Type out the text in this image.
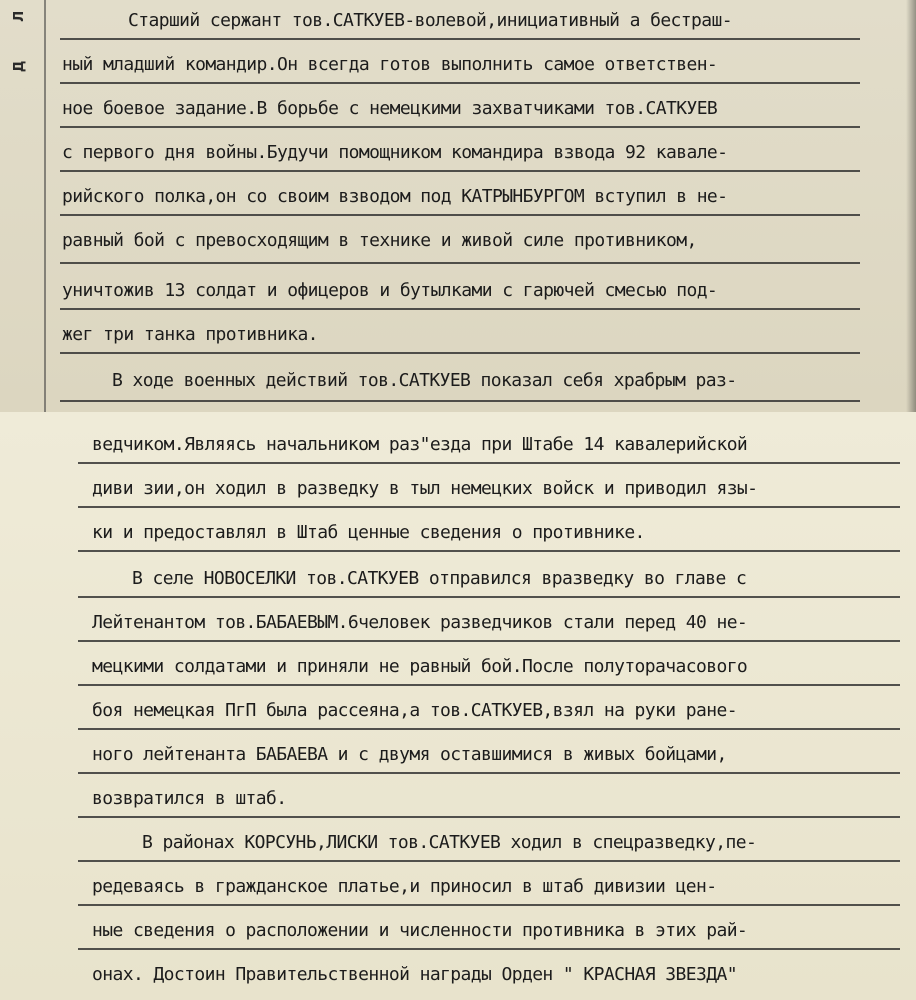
л
д
Старший сержант тов.САТКУЕВ-волевой,инициативный а бестраш-
ный младший командир.Он всегда готов выполнить самое ответствен-
ное боевое задание.В борьбе с немецкими захватчиками тов.САТКУЕВ
с первого дня войны.Будучи помощником командира взвода 92 кавале-
рийского полка,он со своим взводом под КАТРЫНБУРГОМ вступил в не-
равный бой с превосходящим в технике и живой силе противником,
уничтожив 13 солдат и офицеров и бутылками с гарючей смесью под-
жег три танка противника.
В ходе военных действий тов.САТКУЕВ показал себя храбрым раз-
ведчиком.Являясь начальником раз"езда при Штабе 14 кавалерийской
диви зии,он ходил в разведку в тыл немецких войск и приводил язы-
ки и предоставлял в Штаб ценные сведения о противнике.
В селе НОВОСЕЛКИ тов.САТКУЕВ отправился вразведку во главе с
Лейтенантом тов.БАБАЕВЫМ.6человек разведчиков стали перед 40 не-
мецкими солдатами и приняли не равный бой.После полуторачасового
боя немецкая ПгП была рассеяна,а тов.САТКУЕВ,взял на руки ране-
ного лейтенанта БАБАЕВА и с двумя оставшимися в живых бойцами,
возвратился в штаб.
В районах КОРСУНЬ,ЛИСКИ тов.САТКУЕВ ходил в спецразведку,пе-
редеваясь в гражданское платье,и приносил в штаб дивизии цен-
ные сведения о расположении и численности противника в этих рай-
онах. Достоин Правительственной награды Орден " КРАСНАЯ ЗВЕЗДА"
